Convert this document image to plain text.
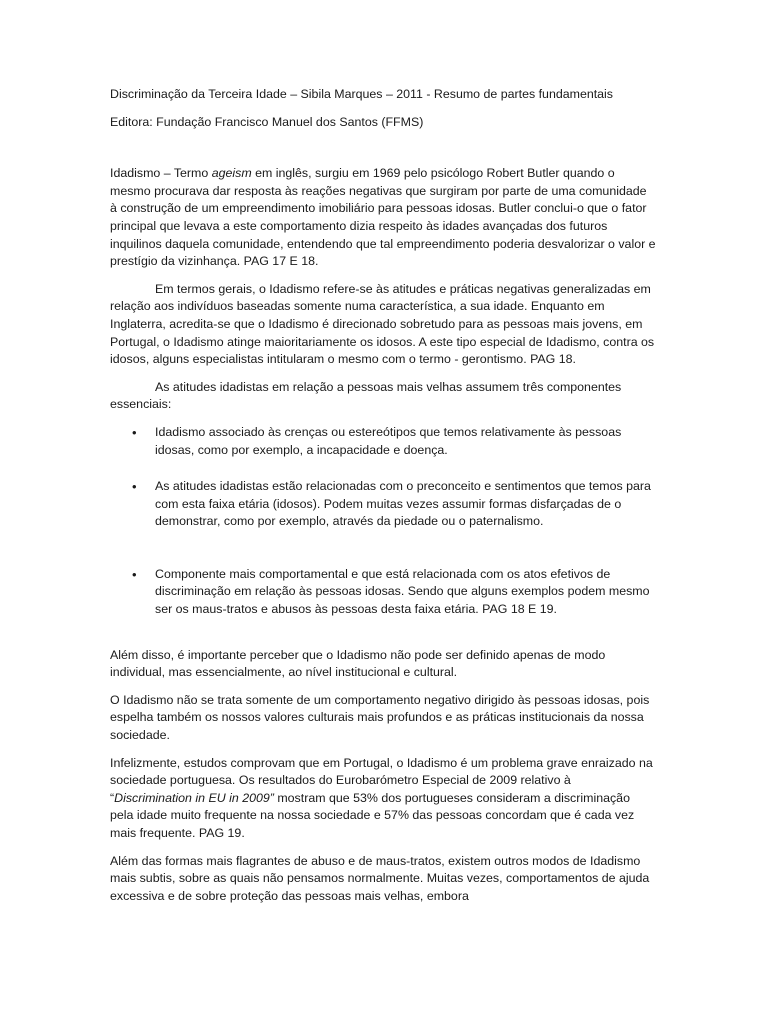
Discriminação da Terceira Idade – Sibila Marques – 2011 - Resumo de partes fundamentais

Editora: Fundação Francisco Manuel dos Santos (FFMS)

Idadismo – Termo ageism em inglês, surgiu em 1969 pelo psicólogo Robert Butler quando o mesmo procurava dar resposta às reações negativas que surgiram por parte de uma comunidade à construção de um empreendimento imobiliário para pessoas idosas. Butler conclui-o que o fator principal que levava a este comportamento dizia respeito às idades avançadas dos futuros inquilinos daquela comunidade, entendendo que tal empreendimento poderia desvalorizar o valor e prestígio da vizinhança. PAG 17 E 18.

Em termos gerais, o Idadismo refere-se às atitudes e práticas negativas generalizadas em relação aos indivíduos baseadas somente numa característica, a sua idade. Enquanto em Inglaterra, acredita-se que o Idadismo é direcionado sobretudo para as pessoas mais jovens, em Portugal, o Idadismo atinge maioritariamente os idosos. A este tipo especial de Idadismo, contra os idosos, alguns especialistas intitularam o mesmo com o termo - gerontismo. PAG 18.

As atitudes idadistas em relação a pessoas mais velhas assumem três componentes essenciais:

• Idadismo associado às crenças ou estereótipos que temos relativamente às pessoas idosas, como por exemplo, a incapacidade e doença.
• As atitudes idadistas estão relacionadas com o preconceito e sentimentos que temos para com esta faixa etária (idosos). Podem muitas vezes assumir formas disfarçadas de o demonstrar, como por exemplo, através da piedade ou o paternalismo.
• Componente mais comportamental e que está relacionada com os atos efetivos de discriminação em relação às pessoas idosas. Sendo que alguns exemplos podem mesmo ser os maus-tratos e abusos às pessoas desta faixa etária. PAG 18 E 19.

Além disso, é importante perceber que o Idadismo não pode ser definido apenas de modo individual, mas essencialmente, ao nível institucional e cultural.

O Idadismo não se trata somente de um comportamento negativo dirigido às pessoas idosas, pois espelha também os nossos valores culturais mais profundos e as práticas institucionais da nossa sociedade.

Infelizmente, estudos comprovam que em Portugal, o Idadismo é um problema grave enraizado na sociedade portuguesa. Os resultados do Eurobarómetro Especial de 2009 relativo à “Discrimination in EU in 2009” mostram que 53% dos portugueses consideram a discriminação pela idade muito frequente na nossa sociedade e 57% das pessoas concordam que é cada vez mais frequente. PAG 19.

Além das formas mais flagrantes de abuso e de maus-tratos, existem outros modos de Idadismo mais subtis, sobre as quais não pensamos normalmente. Muitas vezes, comportamentos de ajuda excessiva e de sobre proteção das pessoas mais velhas, embora
